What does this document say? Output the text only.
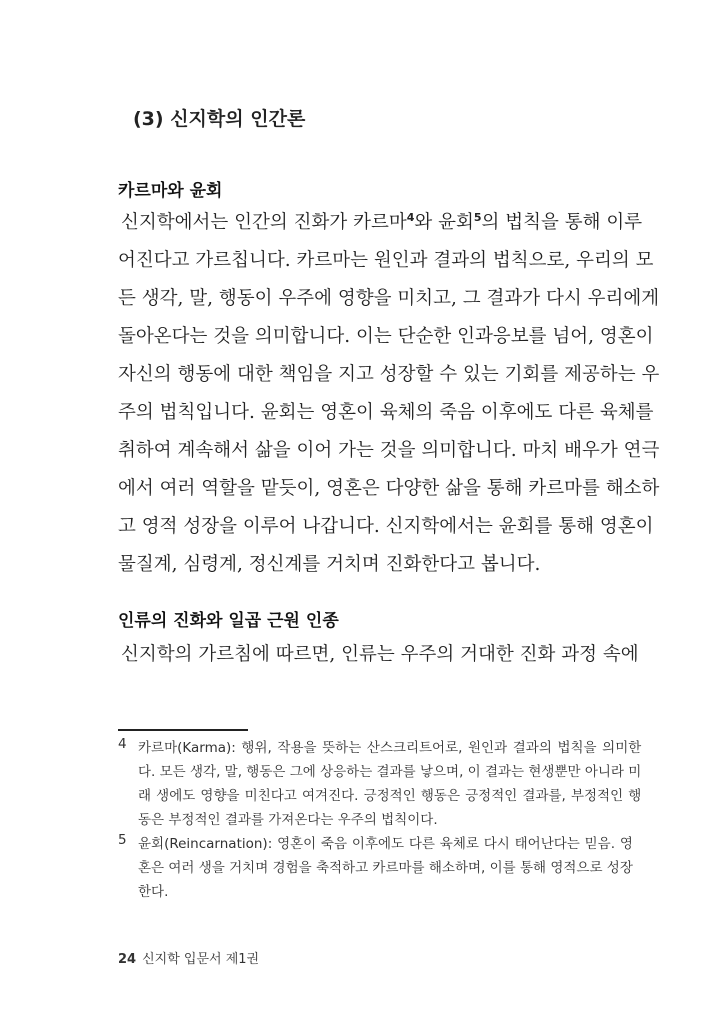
(3) 신지학의 인간론
카르마와 윤회
신지학에서는 인간의 진화가 카르마$^4$와 윤회$^5$의 법칙을 통해 이루
어진다고 가르칩니다. 카르마는 원인과 결과의 법칙으로, 우리의 모
든 생각, 말, 행동이 우주에 영향을 미치고, 그 결과가 다시 우리에게
돌아온다는 것을 의미합니다. 이는 단순한 인과응보를 넘어, 영혼이
자신의 행동에 대한 책임을 지고 성장할 수 있는 기회를 제공하는 우
주의 법칙입니다. 윤회는 영혼이 육체의 죽음 이후에도 다른 육체를
취하여 계속해서 삶을 이어 가는 것을 의미합니다. 마치 배우가 연극
에서 여러 역할을 맡듯이, 영혼은 다양한 삶을 통해 카르마를 해소하
고 영적 성장을 이루어 나갑니다. 신지학에서는 윤회를 통해 영혼이
물질계, 심령계, 정신계를 거치며 진화한다고 봅니다.
인류의 진화와 일곱 근원 인종
신지학의 가르침에 따르면, 인류는 우주의 거대한 진화 과정 속에
4 카르마(Karma): 행위, 작용을 뜻하는 산스크리트어로, 원인과 결과의 법칙을 의미한
다. 모든 생각, 말, 행동은 그에 상응하는 결과를 낳으며, 이 결과는 현생뿐만 아니라 미
래 생에도 영향을 미친다고 여겨진다. 긍정적인 행동은 긍정적인 결과를, 부정적인 행
동은 부정적인 결과를 가져온다는 우주의 법칙이다.
5 윤회(Reincarnation): 영혼이 죽음 이후에도 다른 육체로 다시 태어난다는 믿음. 영
혼은 여러 생을 거치며 경험을 축적하고 카르마를 해소하며, 이를 통해 영적으로 성장
한다.
24 신지학 입문서 제1권
